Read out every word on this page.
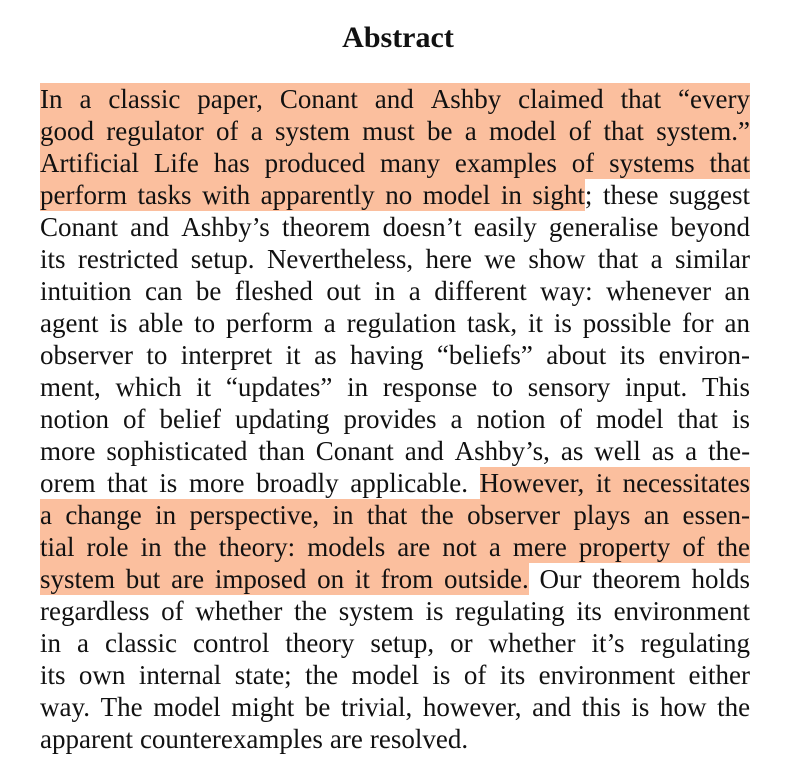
Abstract
In a classic paper, Conant and Ashby claimed that “every
good regulator of a system must be a model of that system.”
Artificial Life has produced many examples of systems that
perform tasks with apparently no model in sight ; these suggest
Conant and Ashby’s theorem doesn’t easily generalise beyond
its restricted setup. Nevertheless, here we show that a similar
intuition can be fleshed out in a different way: whenever an
agent is able to perform a regulation task, it is possible for an
observer to interpret it as having “beliefs” about its environ-
ment, which it “updates” in response to sensory input. This
notion of belief updating provides a notion of model that is
more sophisticated than Conant and Ashby’s, as well as a the-
orem that is more broadly applicable. However, it necessitates
a change in perspective, in that the observer plays an essen-
tial role in the theory: models are not a mere property of the
system but are imposed on it from outside. Our theorem holds
regardless of whether the system is regulating its environment
in a classic control theory setup, or whether it’s regulating
its own internal state; the model is of its environment either
way. The model might be trivial, however, and this is how the
apparent counterexamples are resolved.
